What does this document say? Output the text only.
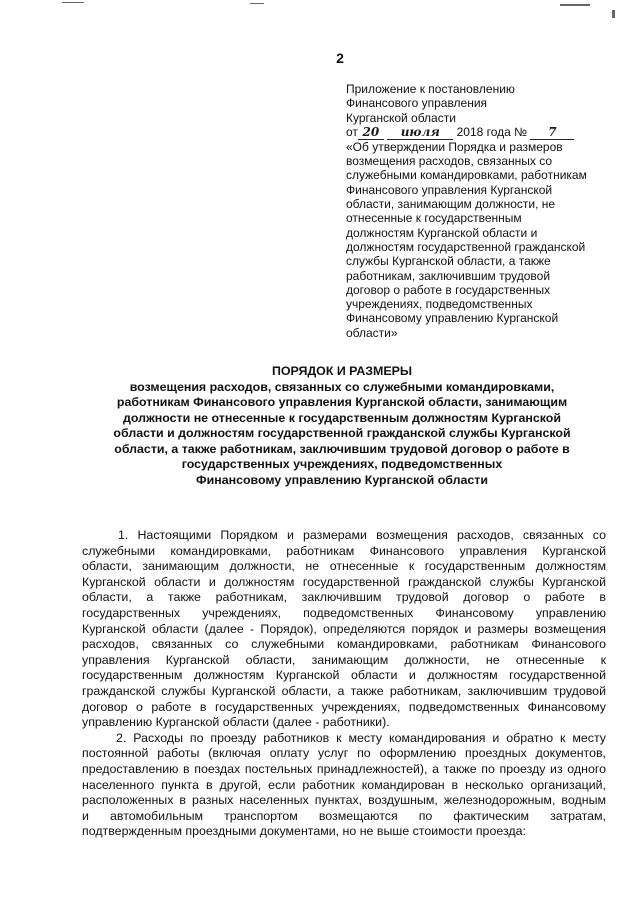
2
Приложение к постановлению
Финансового управления
Курганской области
от 20 июля 2018 года № 7
«Об утверждении Порядка и размеров
возмещения расходов, связанных со
служебными командировками, работникам
Финансового управления Курганской
области, занимающим должности, не
отнесенные к государственным
должностям Курганской области и
должностям государственной гражданской
службы Курганской области, а также
работникам, заключившим трудовой
договор о работе в государственных
учреждениях, подведомственных
Финансовому управлению Курганской
области»
ПОРЯДОК И РАЗМЕРЫ
возмещения расходов, связанных со служебными командировками,
работникам Финансового управления Курганской области, занимающим
должности не отнесенные к государственным должностям Курганской
области и должностям государственной гражданской службы Курганской
области, а также работникам, заключившим трудовой договор о работе в
государственных учреждениях, подведомственных
Финансовому управлению Курганской области
1. Настоящими Порядком и размерами возмещения расходов, связанных со
служебными командировками, работникам Финансового управления Курганской
области, занимающим должности, не отнесенные к государственным должностям
Курганской области и должностям государственной гражданской службы Курганской
области, а также работникам, заключившим трудовой договор о работе в
государственных учреждениях, подведомственных Финансовому управлению
Курганской области (далее - Порядок), определяются порядок и размеры возмещения
расходов, связанных со служебными командировками, работникам Финансового
управления Курганской области, занимающим должности, не отнесенные к
государственным должностям Курганской области и должностям государственной
гражданской службы Курганской области, а также работникам, заключившим трудовой
договор о работе в государственных учреждениях, подведомственных Финансовому
управлению Курганской области (далее - работники).
2. Расходы по проезду работников к месту командирования и обратно к месту
постоянной работы (включая оплату услуг по оформлению проездных документов,
предоставлению в поездах постельных принадлежностей), а также по проезду из одного
населенного пункта в другой, если работник командирован в несколько организаций,
расположенных в разных населенных пунктах, воздушным, железнодорожным, водным
и автомобильным транспортом возмещаются по фактическим затратам,
подтвержденным проездными документами, но не выше стоимости проезда:
